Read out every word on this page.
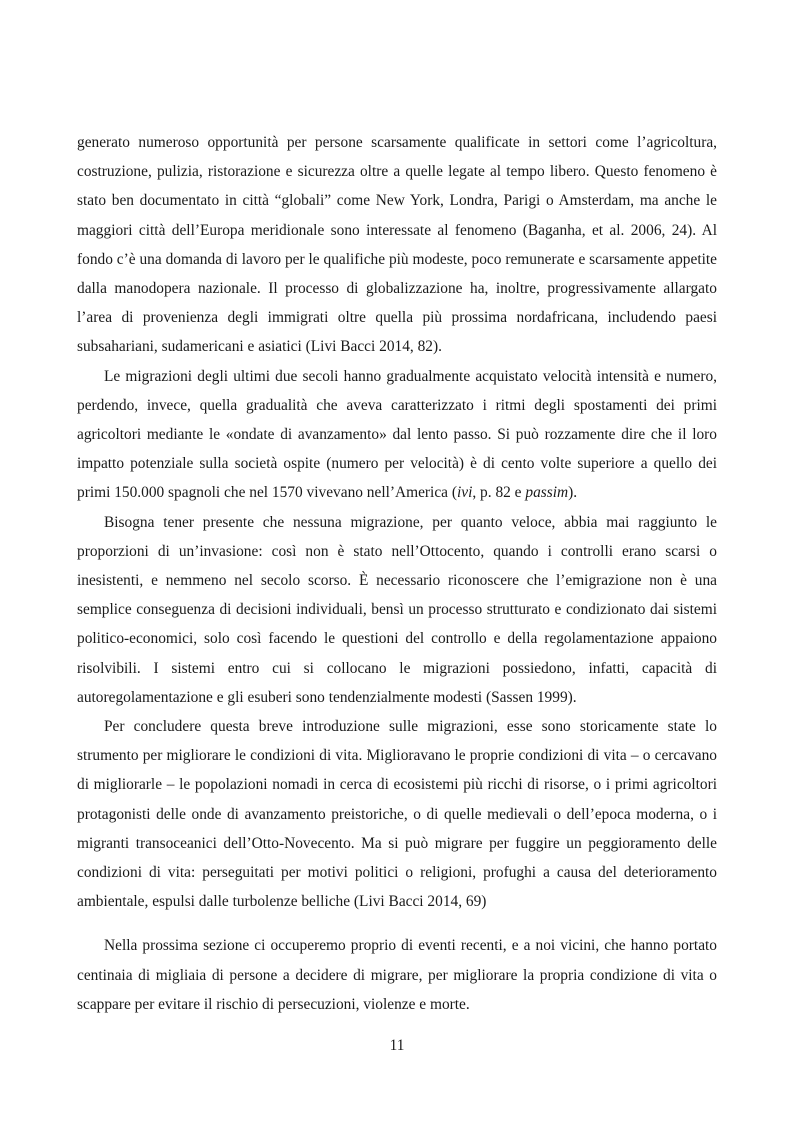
generato numeroso opportunità per persone scarsamente qualificate in settori come l’agricoltura, costruzione, pulizia, ristorazione e sicurezza oltre a quelle legate al tempo libero. Questo fenomeno è stato ben documentato in città “globali” come New York, Londra, Parigi o Amsterdam, ma anche le maggiori città dell’Europa meridionale sono interessate al fenomeno (Baganha, et al. 2006, 24). Al fondo c’è una domanda di lavoro per le qualifiche più modeste, poco remunerate e scarsamente appetite dalla manodopera nazionale. Il processo di globalizzazione ha, inoltre, progressivamente allargato l’area di provenienza degli immigrati oltre quella più prossima nordafricana, includendo paesi subsahariani, sudamericani e asiatici (Livi Bacci 2014, 82).

Le migrazioni degli ultimi due secoli hanno gradualmente acquistato velocità intensità e numero, perdendo, invece, quella gradualità che aveva caratterizzato i ritmi degli spostamenti dei primi agricoltori mediante le «ondate di avanzamento» dal lento passo. Si può rozzamente dire che il loro impatto potenziale sulla società ospite (numero per velocità) è di cento volte superiore a quello dei primi 150.000 spagnoli che nel 1570 vivevano nell’America (ivi, p. 82 e passim).

Bisogna tener presente che nessuna migrazione, per quanto veloce, abbia mai raggiunto le proporzioni di un’invasione: così non è stato nell’Ottocento, quando i controlli erano scarsi o inesistenti, e nemmeno nel secolo scorso. È necessario riconoscere che l’emigrazione non è una semplice conseguenza di decisioni individuali, bensì un processo strutturato e condizionato dai sistemi politico-economici, solo così facendo le questioni del controllo e della regolamentazione appaiono risolvibili. I sistemi entro cui si collocano le migrazioni possiedono, infatti, capacità di autoregolamentazione e gli esuberi sono tendenzialmente modesti (Sassen 1999).

Per concludere questa breve introduzione sulle migrazioni, esse sono storicamente state lo strumento per migliorare le condizioni di vita. Miglioravano le proprie condizioni di vita – o cercavano di migliorarle – le popolazioni nomadi in cerca di ecosistemi più ricchi di risorse, o i primi agricoltori protagonisti delle onde di avanzamento preistoriche, o di quelle medievali o dell’epoca moderna, o i migranti transoceanici dell’Otto-Novecento. Ma si può migrare per fuggire un peggioramento delle condizioni di vita: perseguitati per motivi politici o religioni, profughi a causa del deterioramento ambientale, espulsi dalle turbolenze belliche (Livi Bacci 2014, 69)

Nella prossima sezione ci occuperemo proprio di eventi recenti, e a noi vicini, che hanno portato centinaia di migliaia di persone a decidere di migrare, per migliorare la propria condizione di vita o scappare per evitare il rischio di persecuzioni, violenze e morte.

11
